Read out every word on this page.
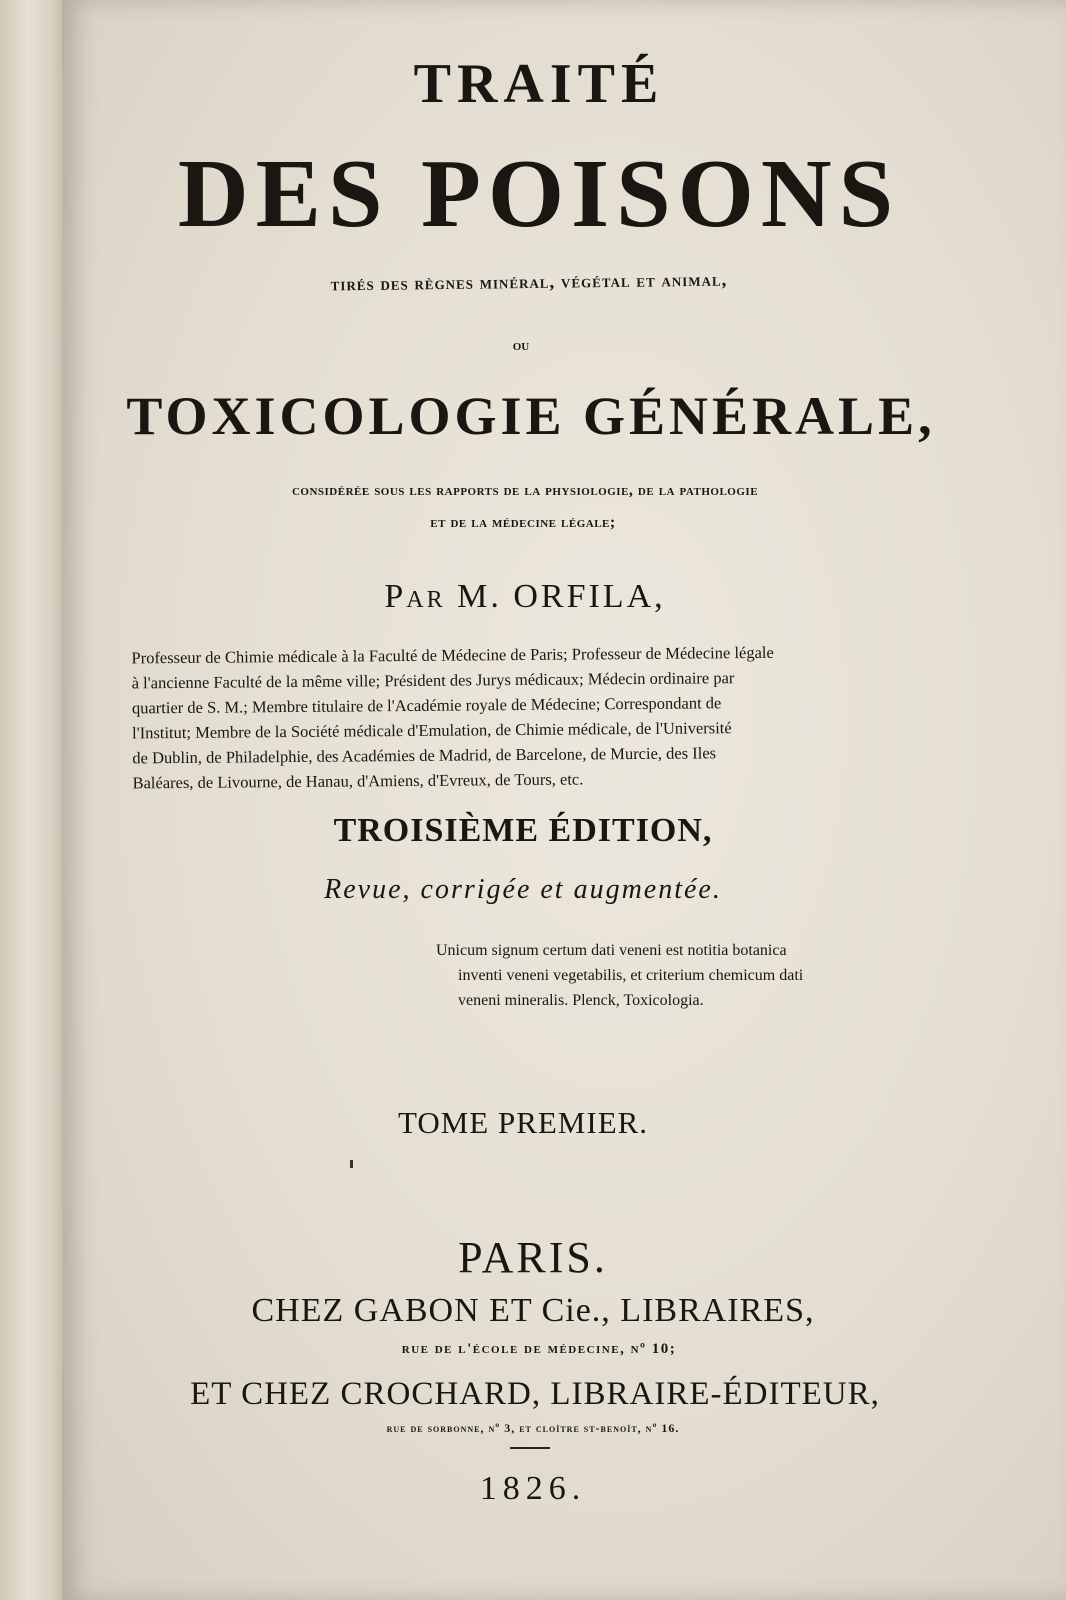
TRAITÉ
DES POISONS
tirés des règnes minéral, végétal et animal,
ou
TOXICOLOGIE GÉNÉRALE,
considérée sous les rapports de la physiologie, de la pathologie
et de la médecine légale;
Par M. ORFILA,
Professeur de Chimie médicale à la Faculté de Médecine de Paris; Professeur de Médecine légale
à l'ancienne Faculté de la même ville; Président des Jurys médicaux; Médecin ordinaire par
quartier de S. M.; Membre titulaire de l'Académie royale de Médecine; Correspondant de
l'Institut; Membre de la Société médicale d'Emulation, de Chimie médicale, de l'Université
de Dublin, de Philadelphie, des Académies de Madrid, de Barcelone, de Murcie, des Iles
Baléares, de Livourne, de Hanau, d'Amiens, d'Evreux, de Tours, etc.
TROISIÈME ÉDITION,
Revue, corrigée et augmentée.
Unicum signum certum dati veneni est notitia botanica
inventi veneni vegetabilis, et criterium chemicum dati
veneni mineralis. Plenck, Toxicologia.
TOME PREMIER.
PARIS.
CHEZ GABON ET Cie., LIBRAIRES,
rue de l'école de médecine, nº 10;
ET CHEZ CROCHARD, LIBRAIRE-ÉDITEUR,
rue de sorbonne, nº 3, et cloître st-benoît, nº 16.
1826.
